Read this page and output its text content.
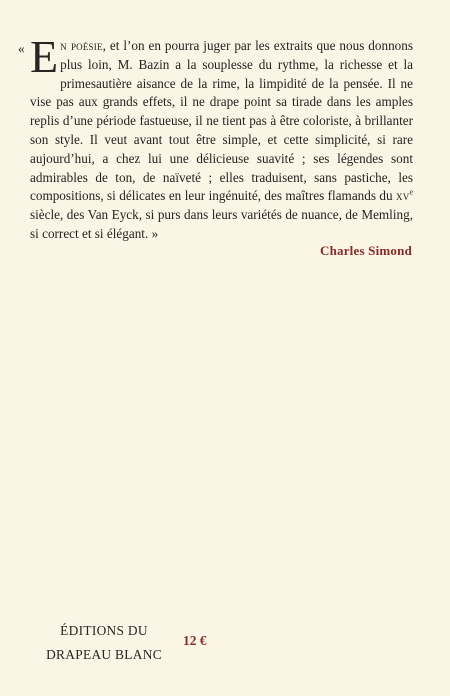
« E n poésie, et l’on en pourra juger par les extraits que nous donnons plus loin, M. Bazin a la souplesse du rythme, la richesse et la primesautière aisance de la rime, la limpidité de la pensée. Il ne vise pas aux grands effets, il ne drape point sa tirade dans les amples replis d’une période fastueuse, il ne tient pas à être coloriste, à brillanter son style. Il veut avant tout être simple, et cette simplicité, si rare aujourd’hui, a chez lui une délicieuse suavité ; ses légendes sont admirables de ton, de naïveté ; elles traduisent, sans pastiche, les compositions, si délicates en leur ingénuité, des maîtres flamands du $xv^e$ siècle, des Van Eyck, si purs dans leurs variétés de nuance, de Memling, si correct et si élégant. »
Charles Simond
ÉDITIONS DU
DRAPEAU BLANC
12 €
